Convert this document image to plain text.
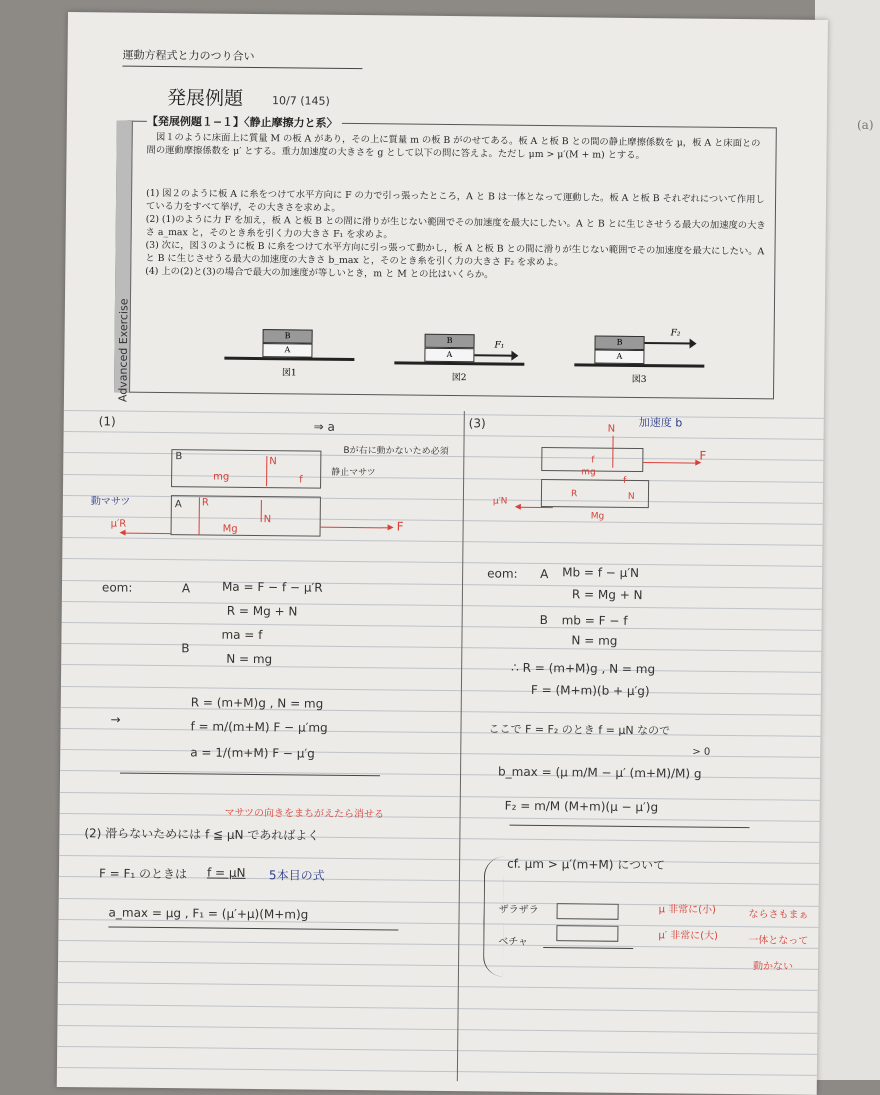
(a)
運動方程式と力のつり合い
発展例題	10/7 (145)
Advanced Exercise
【発展例題１−１】〈静止摩擦力と系〉
図１のように床面上に質量 M の板 A があり，その上に質量 m の板 B がのせてある。板 A と板 B との間の静止摩擦係数を μ，板 A と床面との間の運動摩擦係数を μ′ とする。重力加速度の大きさを g として以下の問に答えよ。ただし μm > μ′(M + m) とする。
(1) 図２のように板 A に糸をつけて水平方向に F の力で引っ張ったところ，A と B は一体となって運動した。板 A と板 B それぞれについて作用している力をすべて挙げ，その大きさを求めよ。
(2) (1)のように力 F を加え，板 A と板 B との間に滑りが生じない範囲でその加速度を最大にしたい。A と B とに生じさせうる最大の加速度の大きさ a_max と，そのとき糸を引く力の大きさ F₁ を求めよ。
(3) 次に，図３のように板 B に糸をつけて水平方向に引っ張って動かし，板 A と板 B との間に滑りが生じない範囲でその加速度を最大にしたい。A と B に生じさせうる最大の加速度の大きさ b_max と，そのとき糸を引く力の大きさ F₂ を求めよ。
(4) 上の(2)と(3)の場合で最大の加速度が等しいとき，m と M との比はいくらか。
B
A
図1
B
A
F₁
図2
B
A
F₂
図3
(1)	⇒ a
B
A
N
mg	f
N
R
Mg	F
動マサツ
μ′R
Bが右に動かないため必須
静止マサツ
eom:	A	Ma = F − f − μ′R
R = Mg + N
B
ma = f
N = mg
→
R = (m+M)g , N = mg
f = m/(m+M) F − μ′mg
a = 1/(m+M) F − μ′g
マサツの向きをまちがえたら消せる
(2) 滑らないためには f ≦ μN であればよく
F = F₁ のときは f = μN 5本目の式
a_max = μg , F₁ = (μ′+μ)(M+m)g
(3)	加速度 b
N
f
mg
F
f
N
R
Mg
μ′N
eom: A Mb = f − μ′N
R = Mg + N
B mb = F − f
N = mg
∴ R = (m+M)g , N = mg
F = (M+m)(b + μ′g)
ここで F = F₂ のとき f = μN なので
b_max = (μ m/M − μ′ (m+M)/M) g
> 0
F₂ = m/M (M+m)(μ − μ′)g
cf. μm > μ′(m+M) について
ザラザラ
ベチャ
μ 非常に(小)
μ′ 非常に(大)
ならさもまぁ
一体となって
動かない
